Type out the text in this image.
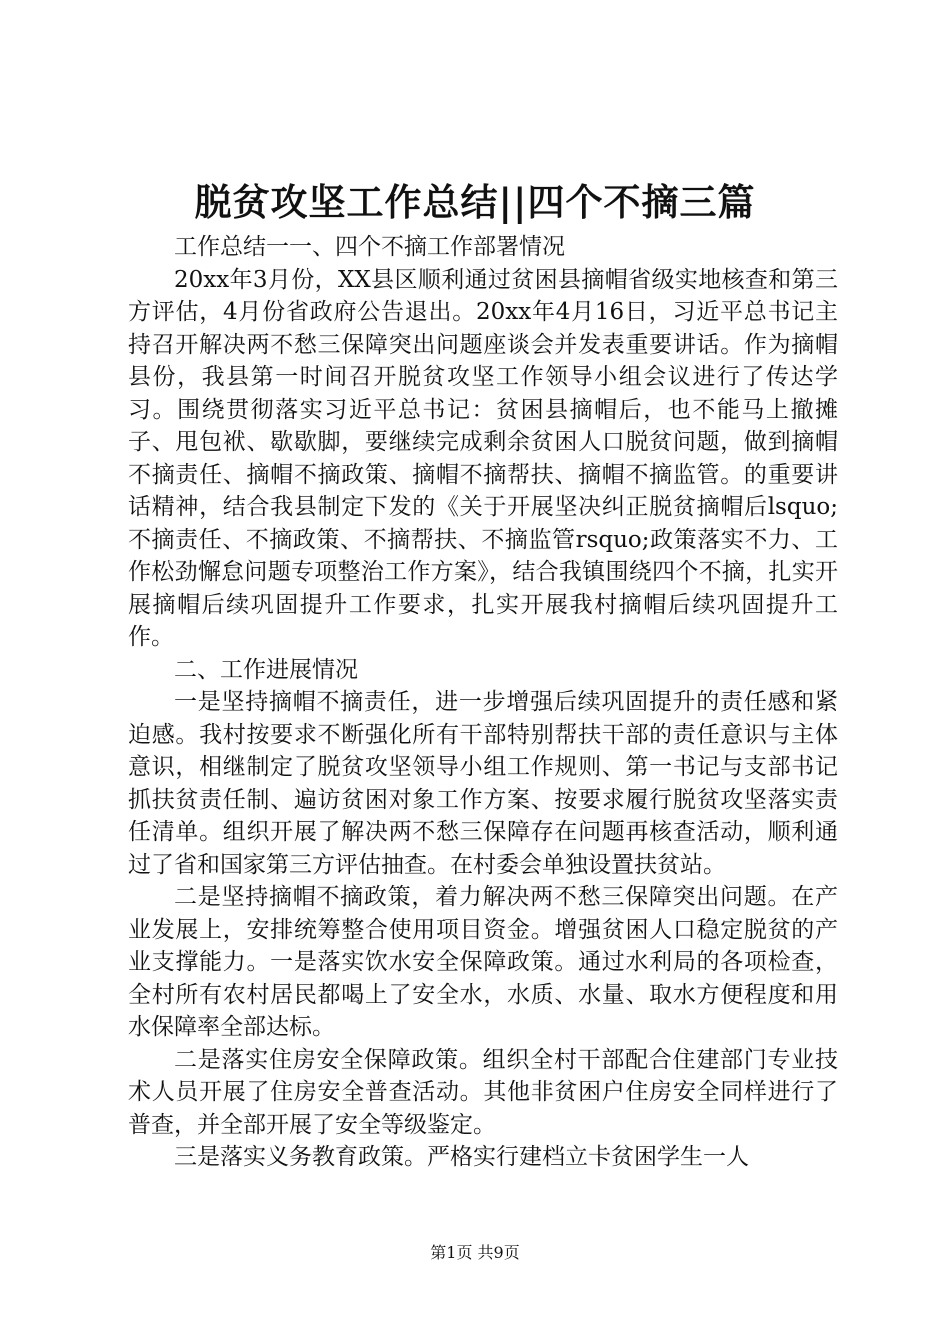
脱贫攻坚工作总结||四个不摘三篇

工作总结一一、四个不摘工作部署情况

20xx年3月份，XX县区顺利通过贫困县摘帽省级实地核查和第三方评估，4月份省政府公告退出。20xx年4月16日，习近平总书记主持召开解决两不愁三保障突出问题座谈会并发表重要讲话。作为摘帽县份，我县第一时间召开脱贫攻坚工作领导小组会议进行了传达学习。围绕贯彻落实习近平总书记：贫困县摘帽后，也不能马上撤摊子、甩包袱、歇歇脚，要继续完成剩余贫困人口脱贫问题，做到摘帽不摘责任、摘帽不摘政策、摘帽不摘帮扶、摘帽不摘监管。的重要讲话精神，结合我县制定下发的《关于开展坚决纠正脱贫摘帽后lsquo;不摘责任、不摘政策、不摘帮扶、不摘监管rsquo;政策落实不力、工作松劲懈怠问题专项整治工作方案》，结合我镇围绕四个不摘，扎实开展摘帽后续巩固提升工作要求，扎实开展我村摘帽后续巩固提升工作。

二、工作进展情况

一是坚持摘帽不摘责任，进一步增强后续巩固提升的责任感和紧迫感。我村按要求不断强化所有干部特别帮扶干部的责任意识与主体意识，相继制定了脱贫攻坚领导小组工作规则、第一书记与支部书记抓扶贫责任制、遍访贫困对象工作方案、按要求履行脱贫攻坚落实责任清单。组织开展了解决两不愁三保障存在问题再核查活动，顺利通过了省和国家第三方评估抽查。在村委会单独设置扶贫站。

二是坚持摘帽不摘政策，着力解决两不愁三保障突出问题。在产业发展上，安排统筹整合使用项目资金。增强贫困人口稳定脱贫的产业支撑能力。一是落实饮水安全保障政策。通过水利局的各项检查，全村所有农村居民都喝上了安全水，水质、水量、取水方便程度和用水保障率全部达标。

二是落实住房安全保障政策。组织全村干部配合住建部门专业技术人员开展了住房安全普查活动。其他非贫困户住房安全同样进行了普查，并全部开展了安全等级鉴定。

三是落实义务教育政策。严格实行建档立卡贫困学生一人

第1页 共9页
